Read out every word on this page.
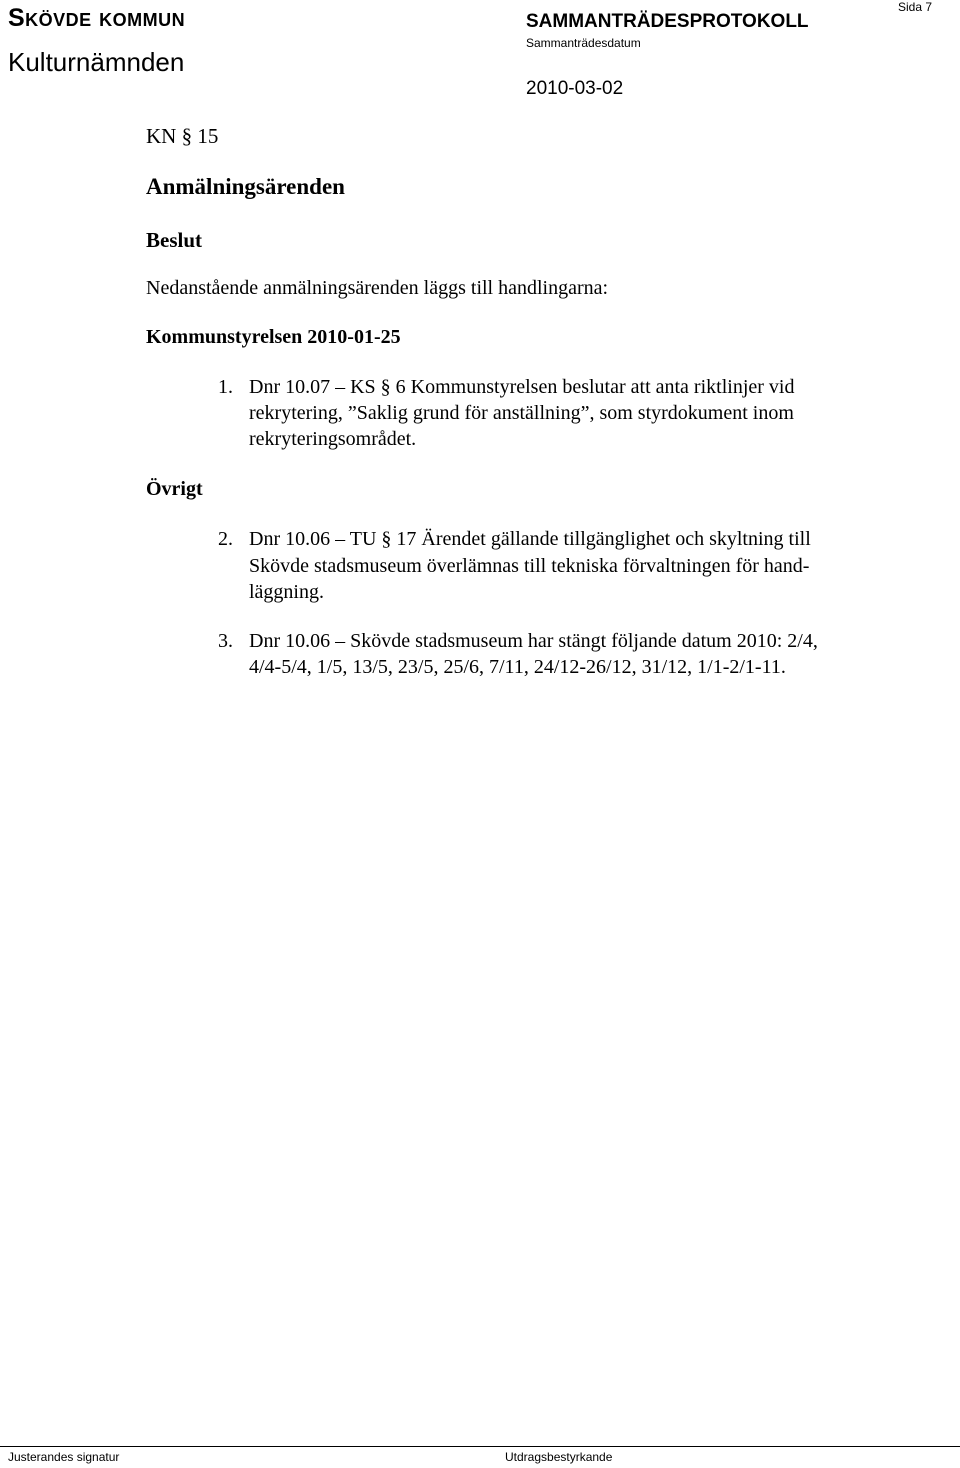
Skövde kommun
Kulturnämnden
SAMMANTRÄDESPROTOKOLL
Sammanträdesdatum
2010-03-02
Sida 7
KN § 15
Anmälningsärenden
Beslut
Nedanstående anmälningsärenden läggs till handlingarna:
Kommunstyrelsen 2010-01-25
Övrigt
1. Dnr 10.07 – KS § 6 Kommunstyrelsen beslutar att anta riktlinjer vid
rekrytering, ”Saklig grund för anställning”, som styrdokument inom
rekryteringsområdet.
2. Dnr 10.06 – TU § 17 Ärendet gällande tillgänglighet och skyltning till
Skövde stadsmuseum överlämnas till tekniska förvaltningen för hand-
läggning.
3. Dnr 10.06 – Skövde stadsmuseum har stängt följande datum 2010: 2/4,
4/4-5/4, 1/5, 13/5, 23/5, 25/6, 7/11, 24/12-26/12, 31/12, 1/1-2/1-11.
Justerandes signatur	Utdragsbestyrkande
